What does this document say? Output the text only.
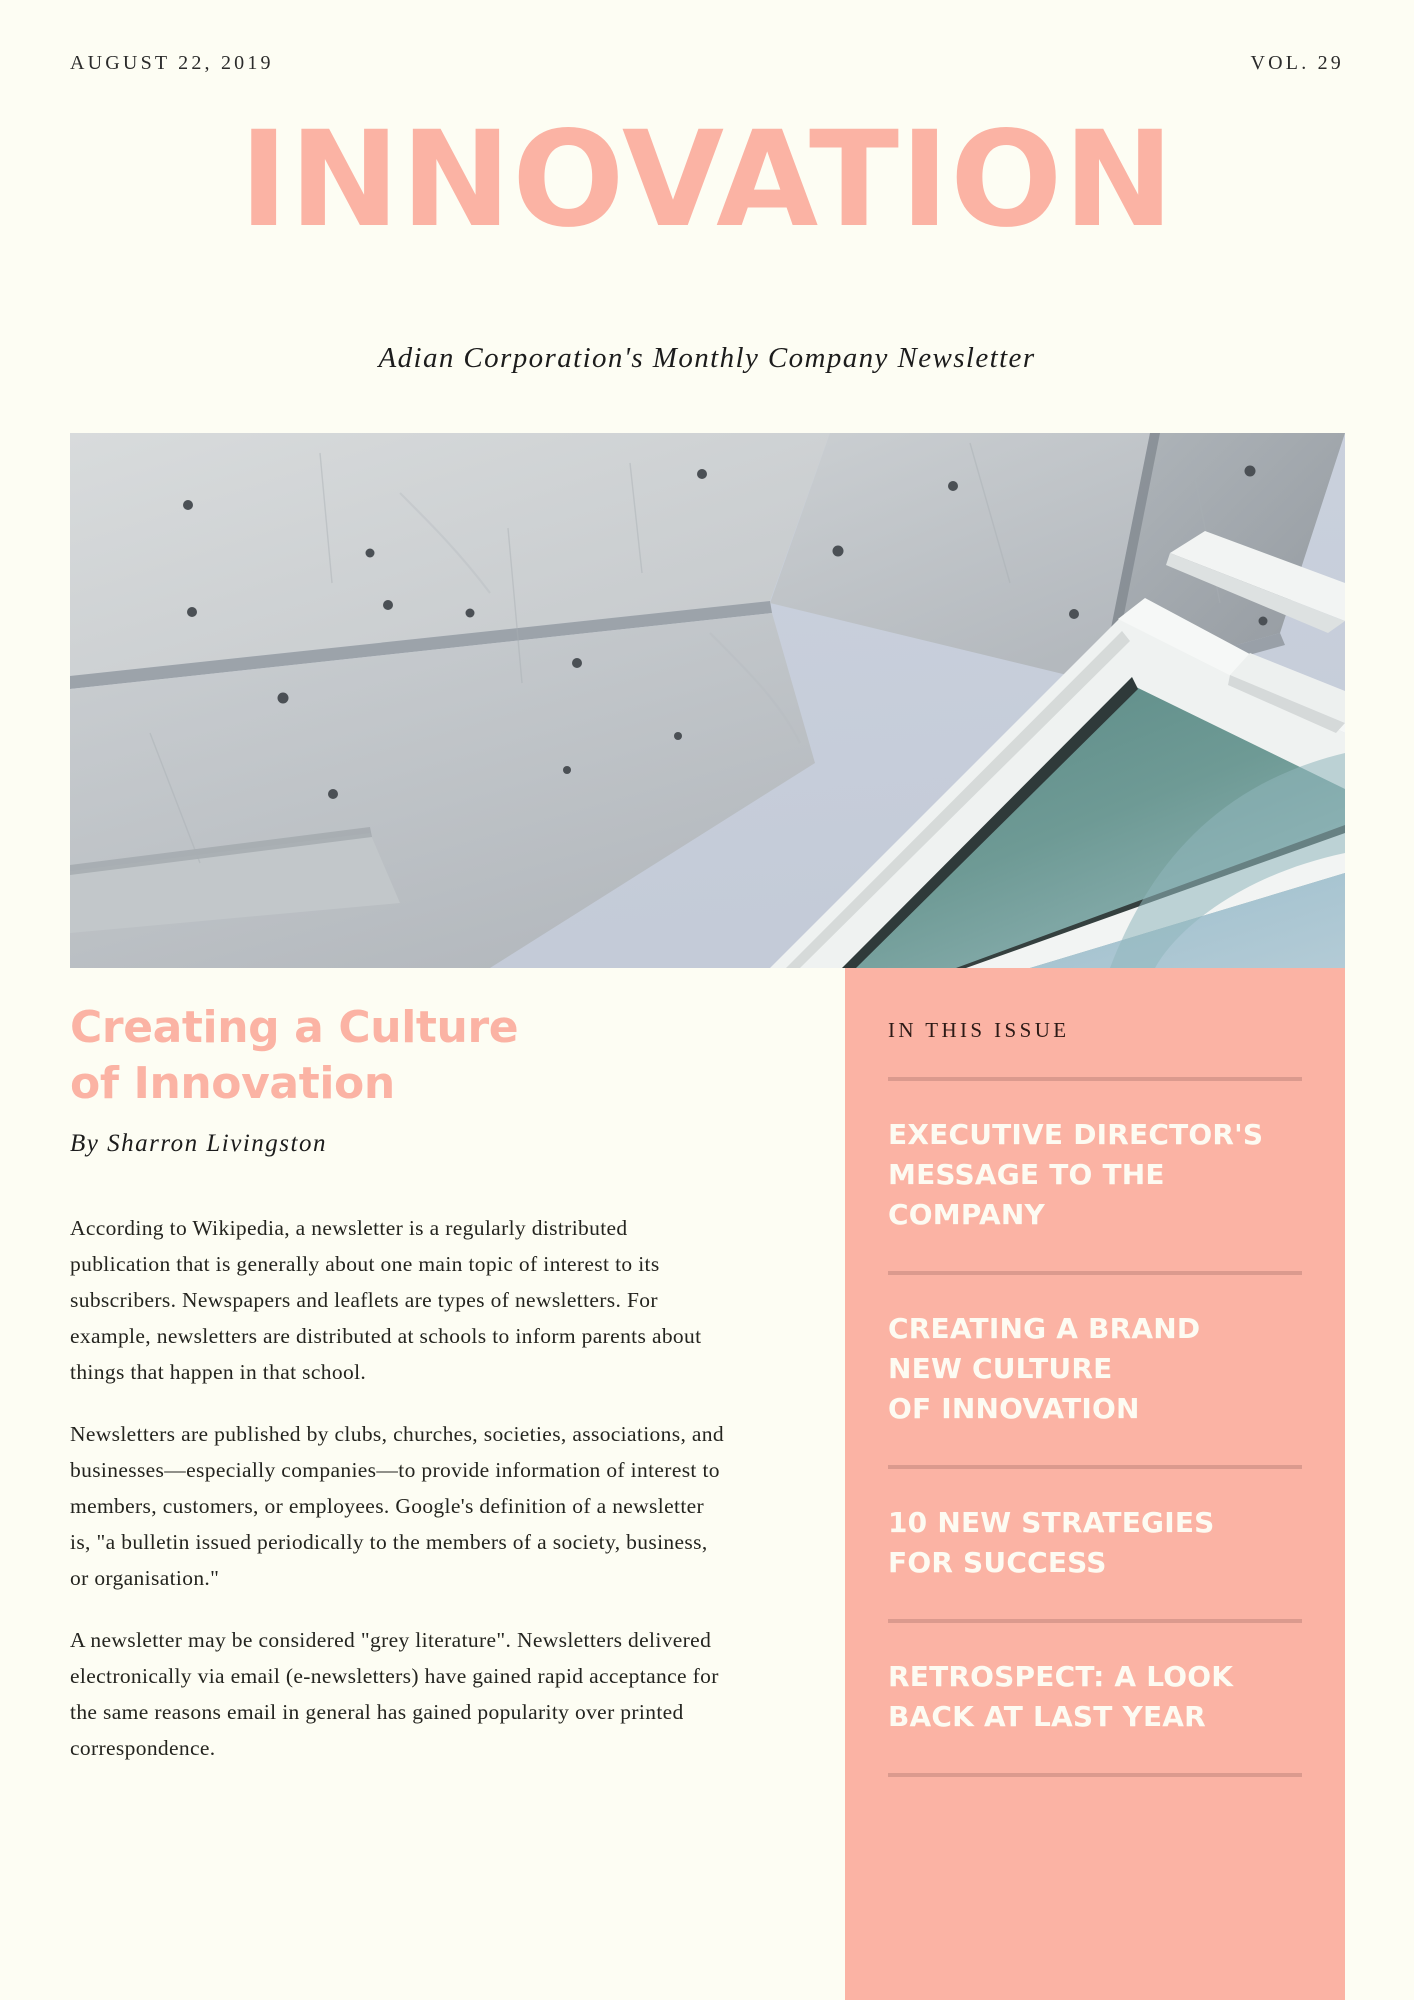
AUGUST 22, 2019	VOL. 29
INNOVATION
Adian Corporation's Monthly Company Newsletter
Creating a Culture
of Innovation
By Sharron Livingston

According to Wikipedia, a newsletter is a regularly distributed publication that is generally about one main topic of interest to its subscribers. Newspapers and leaflets are types of newsletters. For example, newsletters are distributed at schools to inform parents about things that happen in that school.

Newsletters are published by clubs, churches, societies, associations, and businesses—especially companies—to provide information of interest to members, customers, or employees. Google's definition of a newsletter is, "a bulletin issued periodically to the members of a society, business, or organisation."

A newsletter may be considered "grey literature". Newsletters delivered electronically via email (e-newsletters) have gained rapid acceptance for the same reasons email in general has gained popularity over printed correspondence.

IN THIS ISSUE
EXECUTIVE DIRECTOR'S
MESSAGE TO THE
COMPANY
CREATING A BRAND
NEW CULTURE
OF INNOVATION
10 NEW STRATEGIES
FOR SUCCESS
RETROSPECT: A LOOK
BACK AT LAST YEAR
